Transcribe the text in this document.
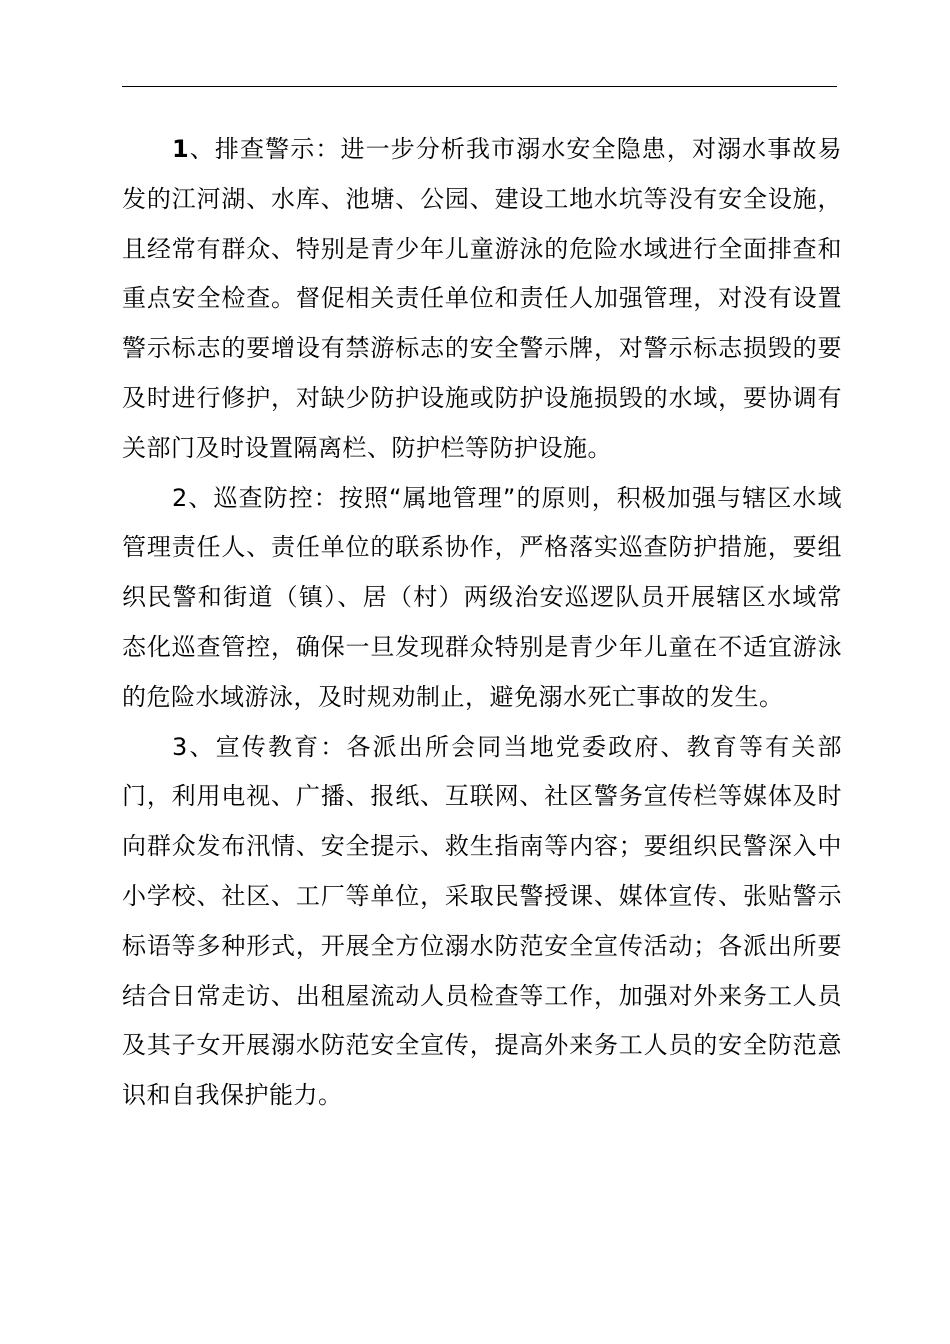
1、排查警示：进一步分析我市溺水安全隐患，对溺水事故易发的江河湖、水库、池塘、公园、建设工地水坑等没有安全设施，且经常有群众、特别是青少年儿童游泳的危险水域进行全面排查和重点安全检查。督促相关责任单位和责任人加强管理，对没有设置警示标志的要增设有禁游标志的安全警示牌，对警示标志损毁的要及时进行修护，对缺少防护设施或防护设施损毁的水域，要协调有关部门及时设置隔离栏、防护栏等防护设施。

2、巡查防控：按照“属地管理”的原则，积极加强与辖区水域管理责任人、责任单位的联系协作，严格落实巡查防护措施，要组织民警和街道（镇）、居（村）两级治安巡逻队员开展辖区水域常态化巡查管控，确保一旦发现群众特别是青少年儿童在不适宜游泳的危险水域游泳，及时规劝制止，避免溺水死亡事故的发生。

3、宣传教育：各派出所会同当地党委政府、教育等有关部门，利用电视、广播、报纸、互联网、社区警务宣传栏等媒体及时向群众发布汛情、安全提示、救生指南等内容；要组织民警深入中小学校、社区、工厂等单位，采取民警授课、媒体宣传、张贴警示标语等多种形式，开展全方位溺水防范安全宣传活动；各派出所要结合日常走访、出租屋流动人员检查等工作，加强对外来务工人员及其子女开展溺水防范安全宣传，提高外来务工人员的安全防范意识和自我保护能力。
